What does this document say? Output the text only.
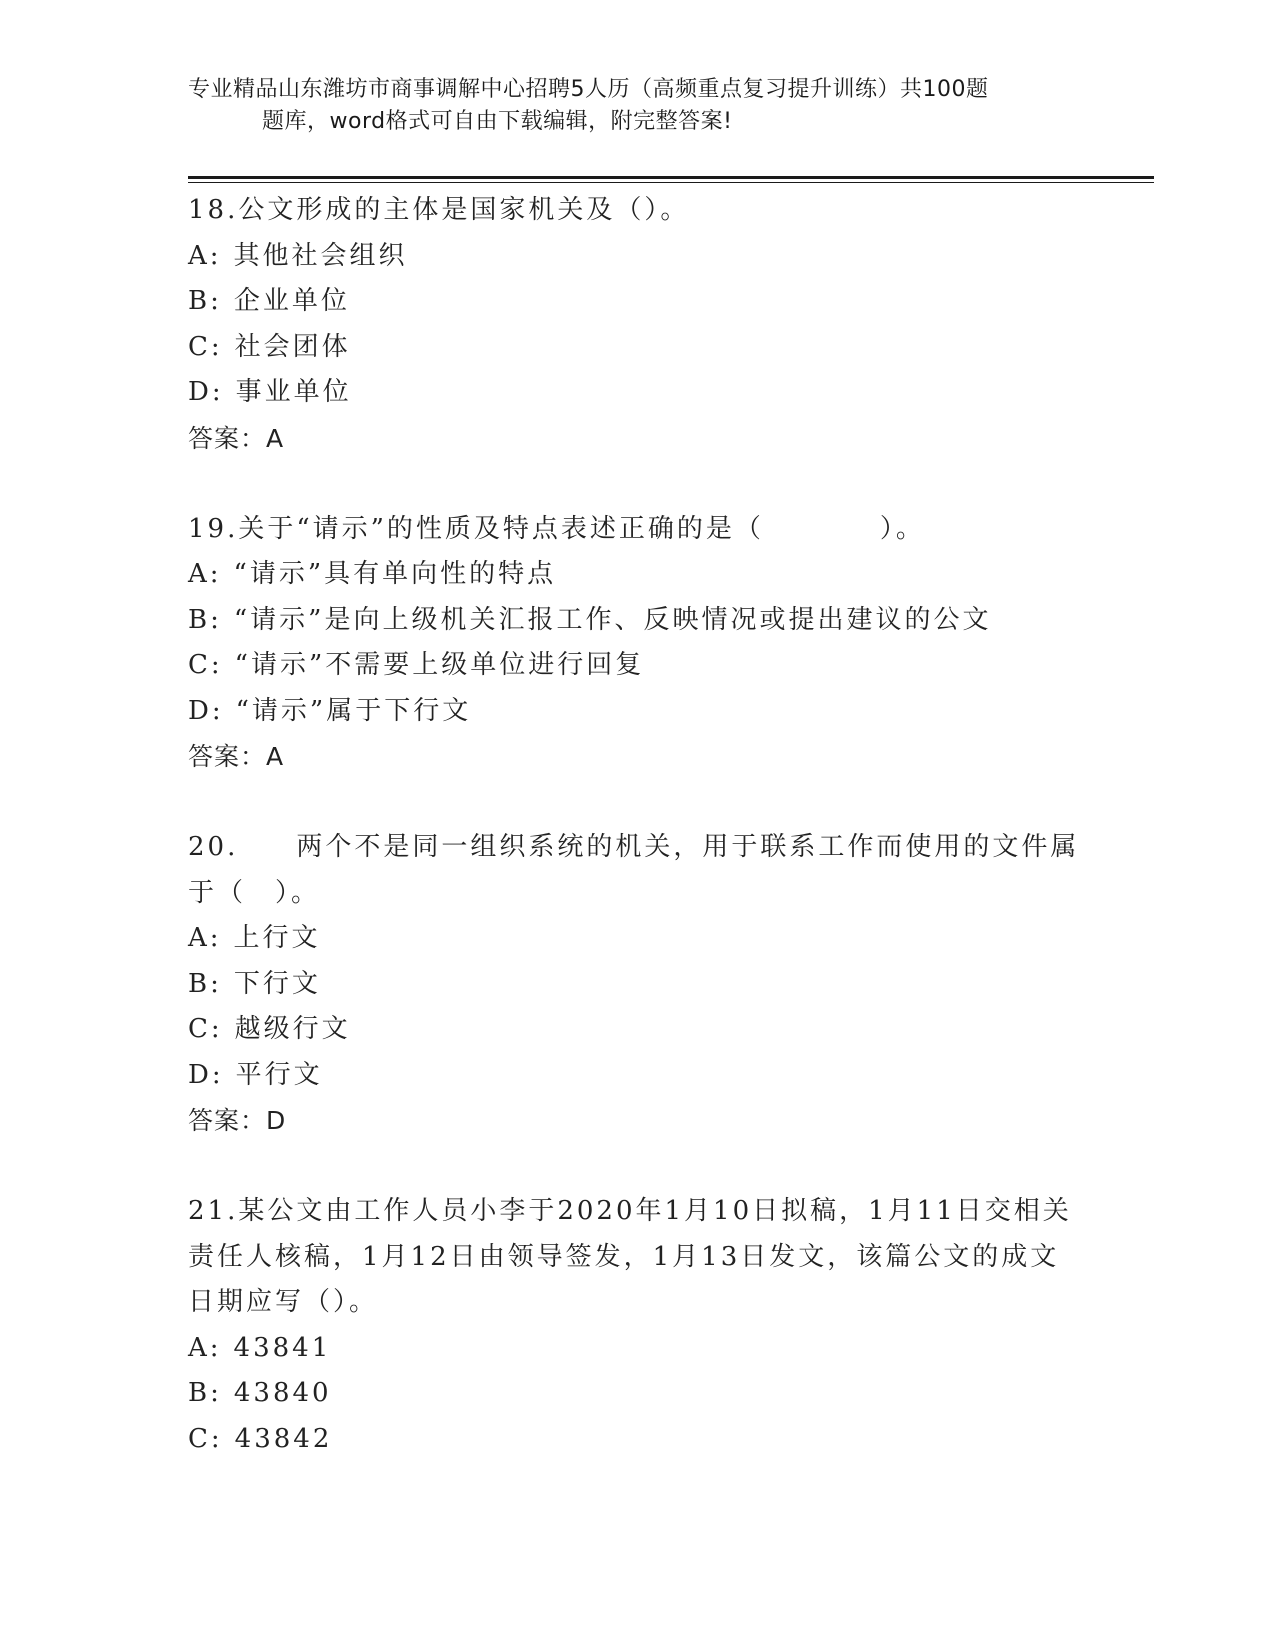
专业精品山东潍坊市商事调解中心招聘5人历（高频重点复习提升训练）共100题
题库，word格式可自由下载编辑，附完整答案!
18.公文形成的主体是国家机关及（）。
A: 其他社会组织
B: 企业单位
C: 社会团体
D: 事业单位
答案：A
19.关于“请示”的性质及特点表述正确的是（　　　　）。
A: “请示”具有单向性的特点
B: “请示”是向上级机关汇报工作、反映情况或提出建议的公文
C: “请示”不需要上级单位进行回复
D: “请示”属于下行文
答案：A
20.　　两个不是同一组织系统的机关，用于联系工作而使用的文件属
于（　）。
A: 上行文
B: 下行文
C: 越级行文
D: 平行文
答案：D
21.某公文由工作人员小李于2020年1月10日拟稿，1月11日交相关
责任人核稿，1月12日由领导签发，1月13日发文，该篇公文的成文
日期应写（）。
A: 43841
B: 43840
C: 43842
